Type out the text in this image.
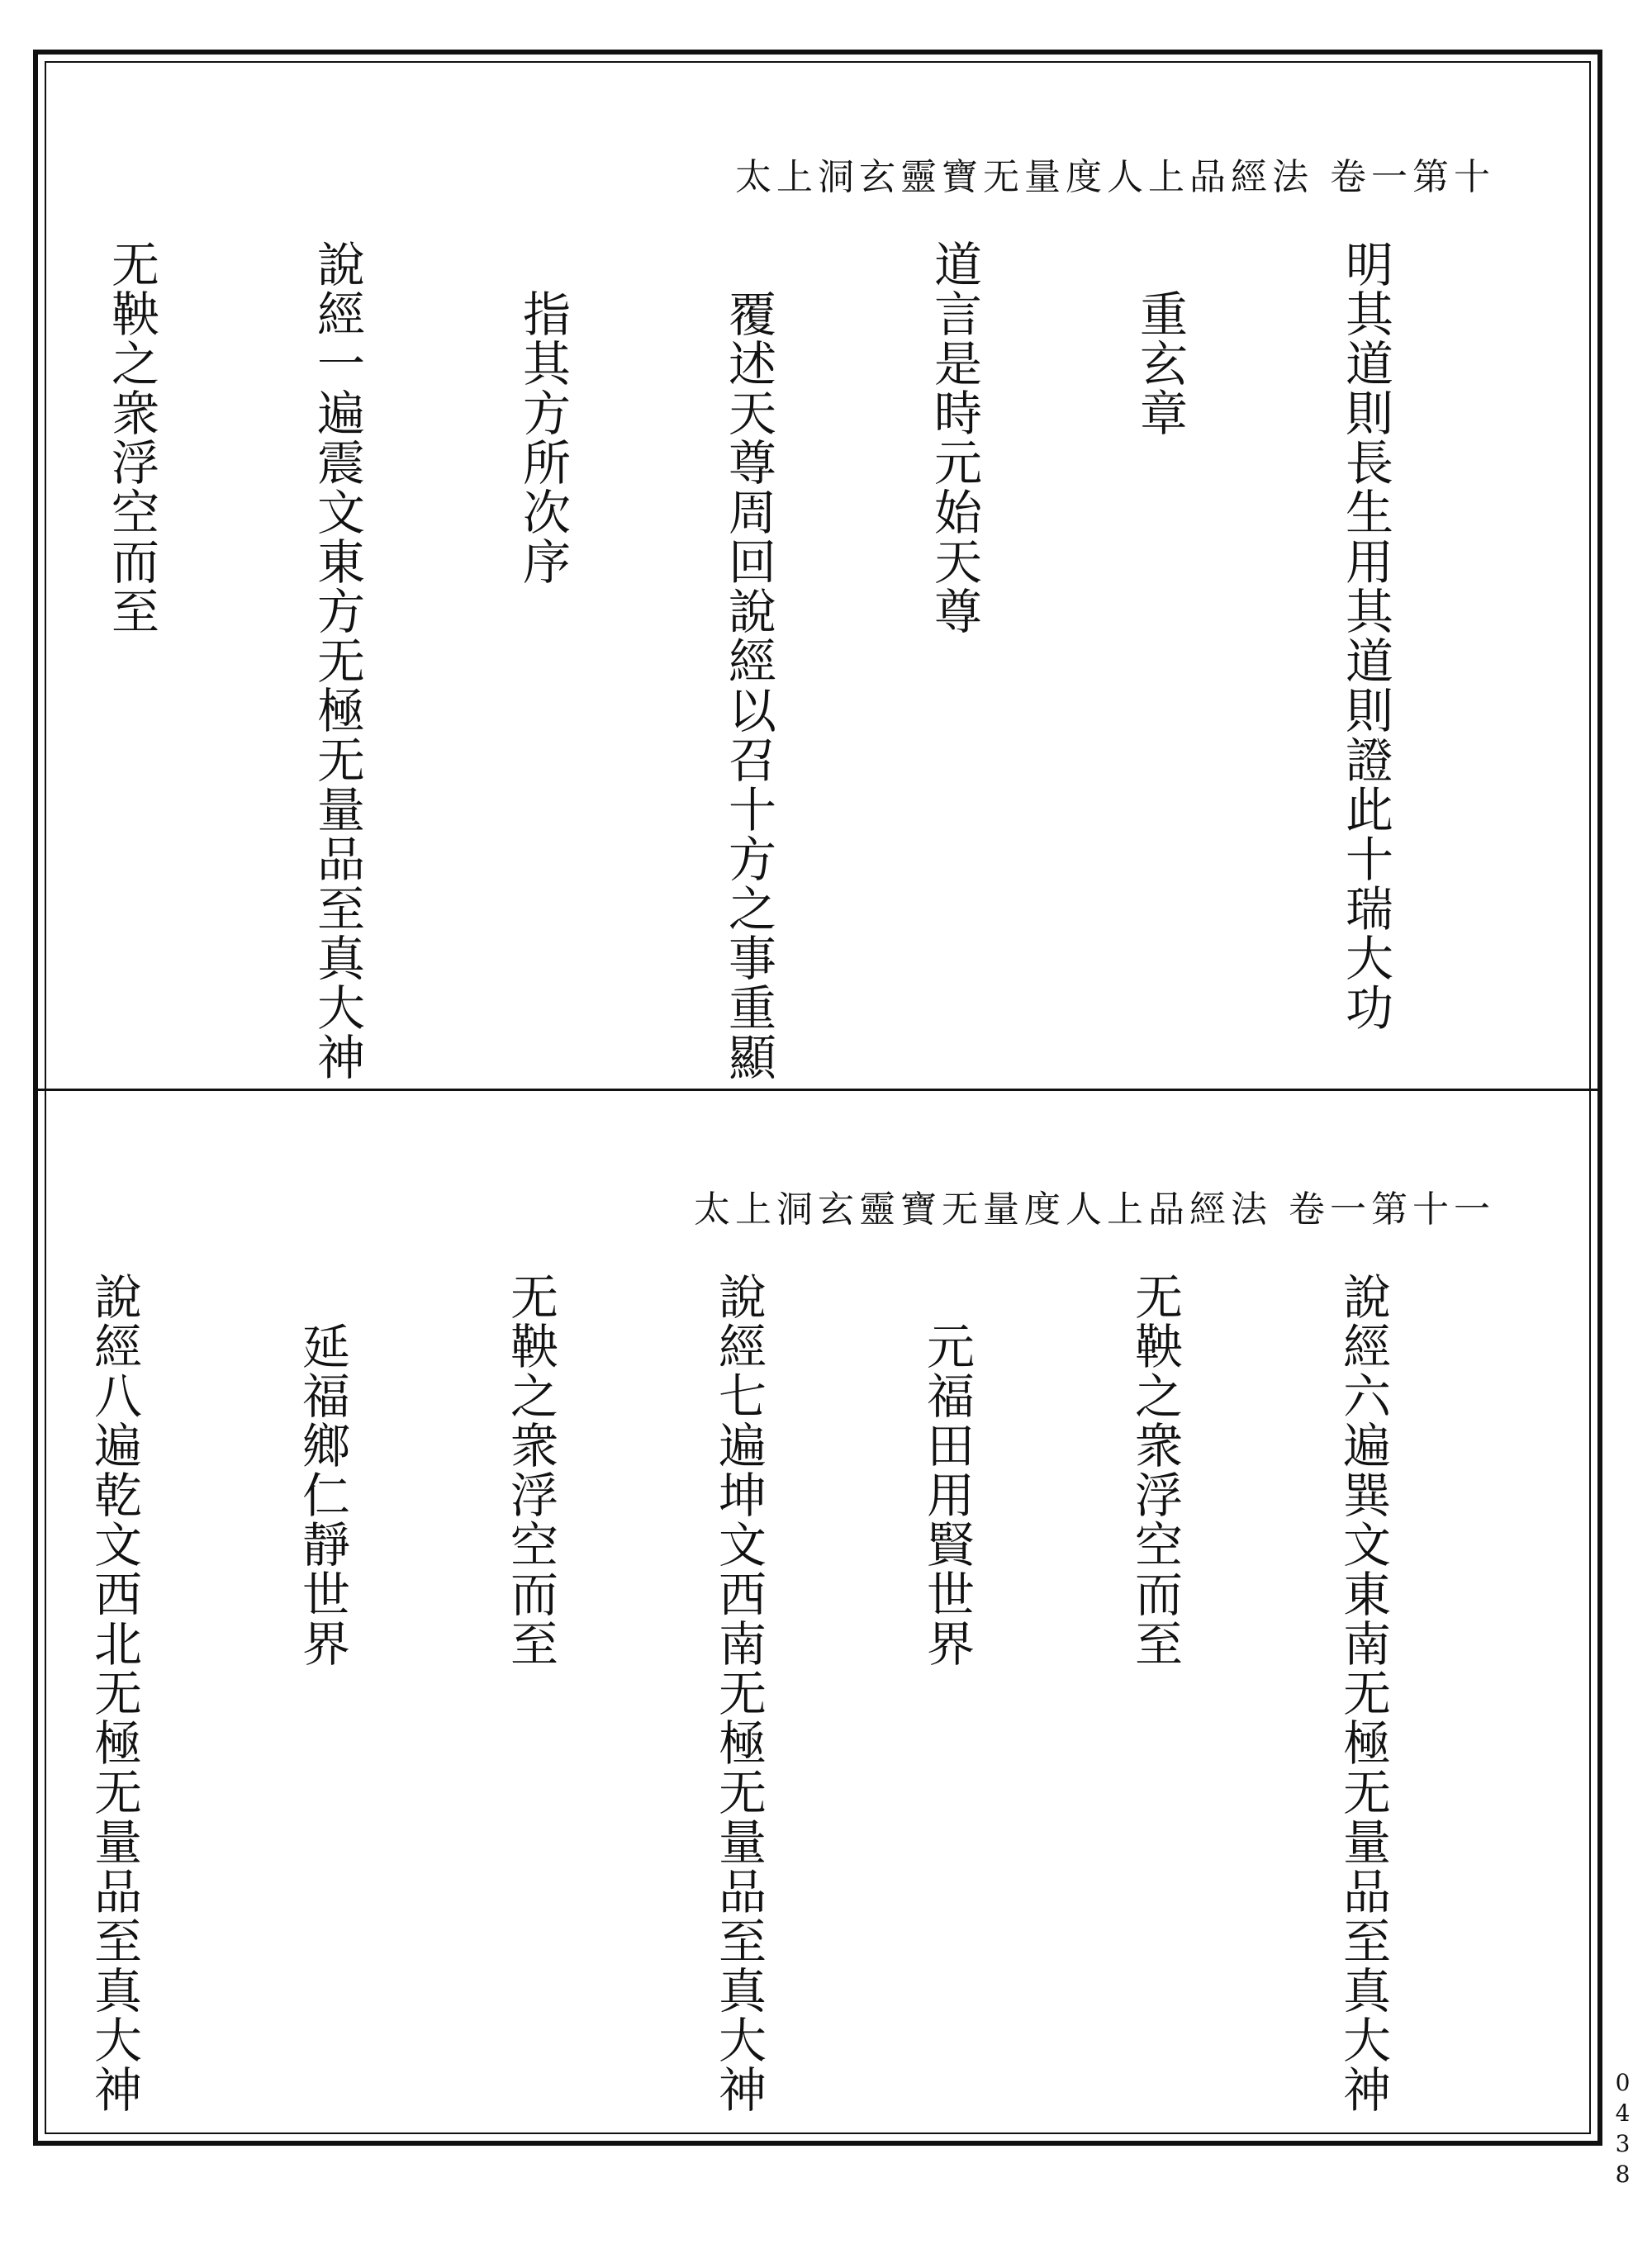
太上洞玄靈寶无量度人上品經法 卷一第十

明其道則長生用其道則證此十瑞大功

　重玄章

道言是時元始天尊

　覆述天尊周回說經以召十方之事重顯

　指其方所次序

說經一遍震文東方无極无量品至真大神

无鞅之衆浮空而至

太上洞玄靈寶无量度人上品經法 卷一第十一

說經六遍巽文東南无極无量品至真大神

无鞅之衆浮空而至

　元福田用賢世界

說經七遍坤文西南无極无量品至真大神

无鞅之衆浮空而至

　延福鄉仁靜世界

說經八遍乾文西北无極无量品至真大神

0438
